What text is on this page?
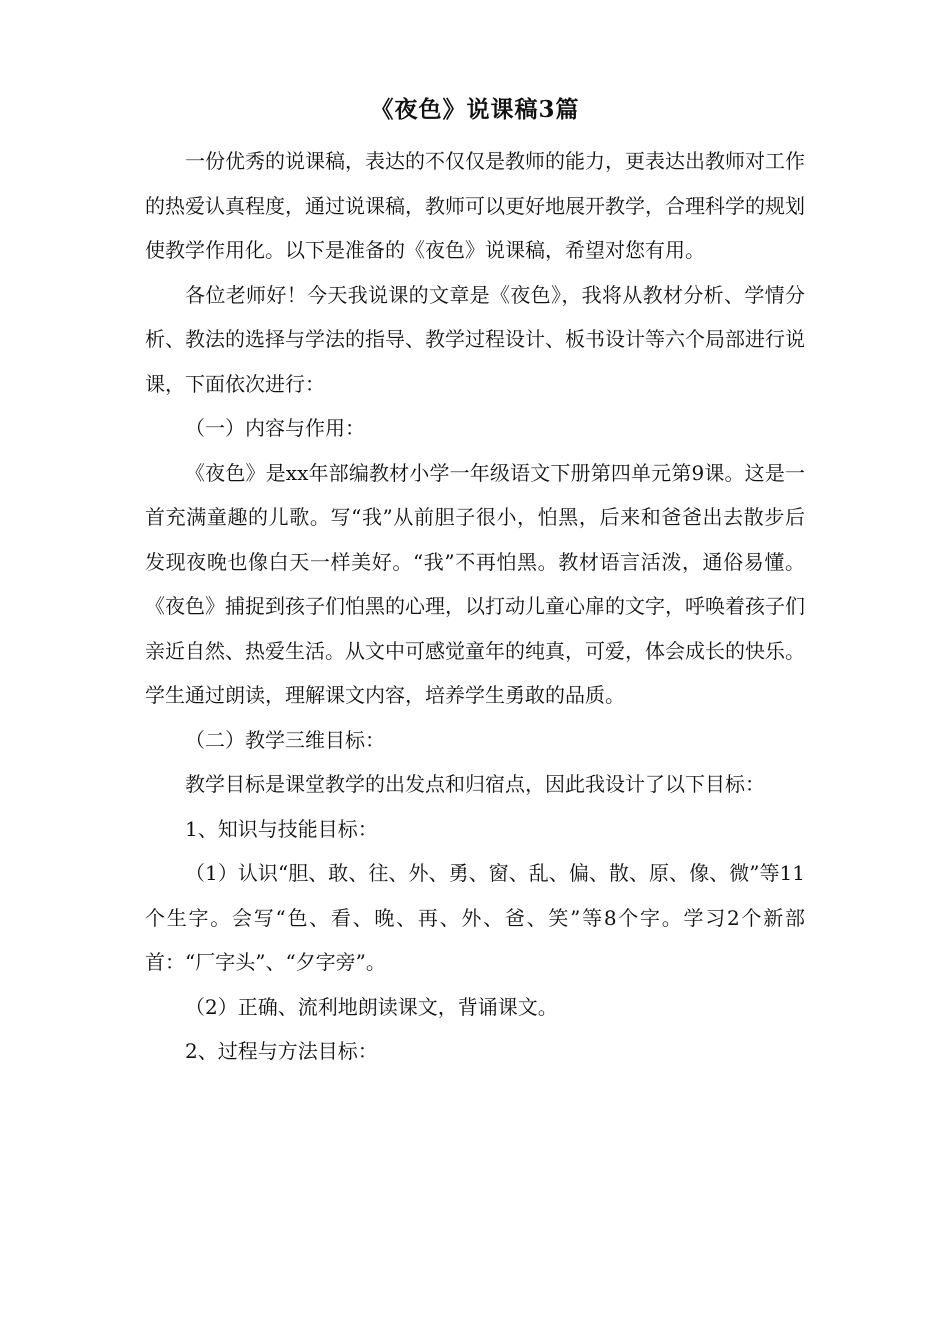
《夜色》说课稿3篇

一份优秀的说课稿，表达的不仅仅是教师的能力，更表达出教师对工作的热爱认真程度，通过说课稿，教师可以更好地展开教学，合理科学的规划使教学作用化。以下是准备的《夜色》说课稿，希望对您有用。

各位老师好！今天我说课的文章是《夜色》，我将从教材分析、学情分析、教法的选择与学法的指导、教学过程设计、板书设计等六个局部进行说课，下面依次进行：

（一）内容与作用：

《夜色》是xx年部编教材小学一年级语文下册第四单元第9课。这是一首充满童趣的儿歌。写“我”从前胆子很小，怕黑，后来和爸爸出去散步后发现夜晚也像白天一样美好。“我”不再怕黑。教材语言活泼，通俗易懂。《夜色》捕捉到孩子们怕黑的心理，以打动儿童心扉的文字，呼唤着孩子们亲近自然、热爱生活。从文中可感觉童年的纯真，可爱，体会成长的快乐。学生通过朗读，理解课文内容，培养学生勇敢的品质。

（二）教学三维目标：

教学目标是课堂教学的出发点和归宿点，因此我设计了以下目标：

1、知识与技能目标：

（1）认识“胆、敢、往、外、勇、窗、乱、偏、散、原、像、微”等11个生字。会写“色、看、晚、再、外、爸、笑”等8个字。学习2个新部首：“厂字头”、“夕字旁”。

（2）正确、流利地朗读课文，背诵课文。

2、过程与方法目标：
